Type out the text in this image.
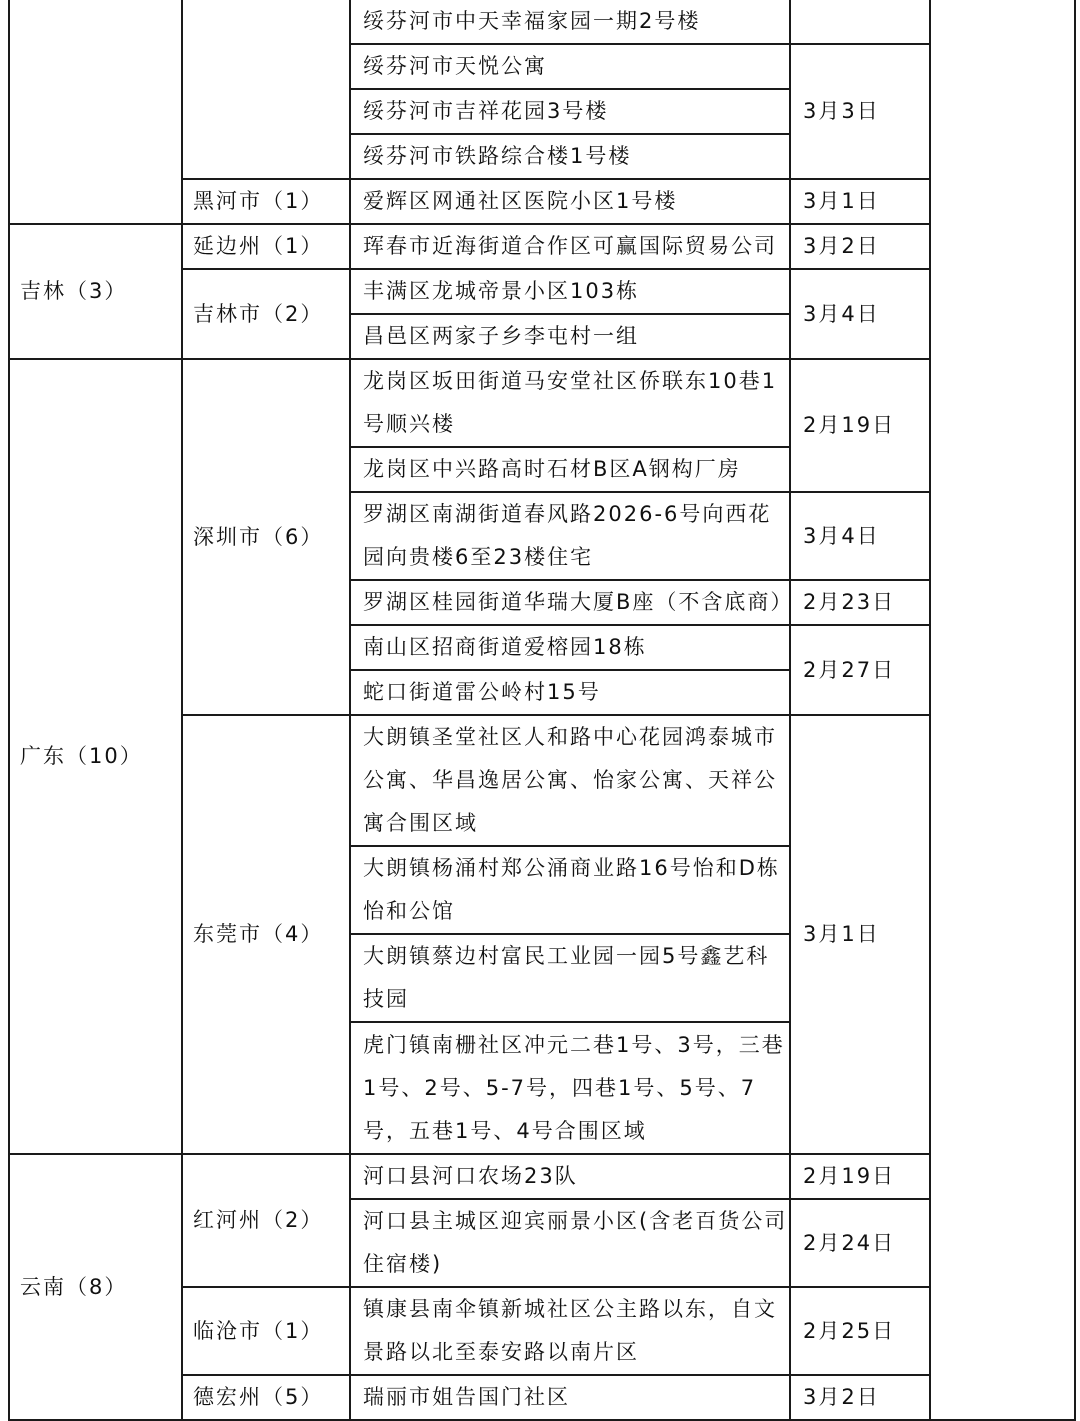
		绥芬河市中天幸福家园一期2号楼		
		绥芬河市天悦公寓	3月3日	
		绥芬河市吉祥花园3号楼		
		绥芬河市铁路综合楼1号楼		
	黑河市（1）	爱辉区网通社区医院小区1号楼	3月1日	
吉林（3）	延边州（1）	珲春市近海街道合作区可赢国际贸易公司	3月2日	
	吉林市（2）	丰满区龙城帝景小区103栋	3月4日	
		昌邑区两家子乡李屯村一组		
广东（10）	深圳市（6）	龙岗区坂田街道马安堂社区侨联东10巷1号顺兴楼	2月19日	
		龙岗区中兴路高时石材B区A钢构厂房		
		罗湖区南湖街道春风路2026-6号向西花园向贵楼6至23楼住宅	3月4日	
		罗湖区桂园街道华瑞大厦B座（不含底商）	2月23日	
		南山区招商街道爱榕园18栋	2月27日	
		蛇口街道雷公岭村15号		
	东莞市（4）	大朗镇圣堂社区人和路中心花园鸿泰城市公寓、华昌逸居公寓、怡家公寓、天祥公寓合围区域	3月1日	
		大朗镇杨涌村郑公涌商业路16号怡和D栋怡和公馆		
		大朗镇蔡边村富民工业园一园5号鑫艺科技园		
		虎门镇南栅社区冲元二巷1号、3号，三巷1号、2号、5-7号，四巷1号、5号、7号，五巷1号、4号合围区域		
云南（8）	红河州（2）	河口县河口农场23队	2月19日	
		河口县主城区迎宾丽景小区(含老百货公司住宿楼)	2月24日	
	临沧市（1）	镇康县南伞镇新城社区公主路以东，自文景路以北至泰安路以南片区	2月25日	
	德宏州（5）	瑞丽市姐告国门社区	3月2日	
